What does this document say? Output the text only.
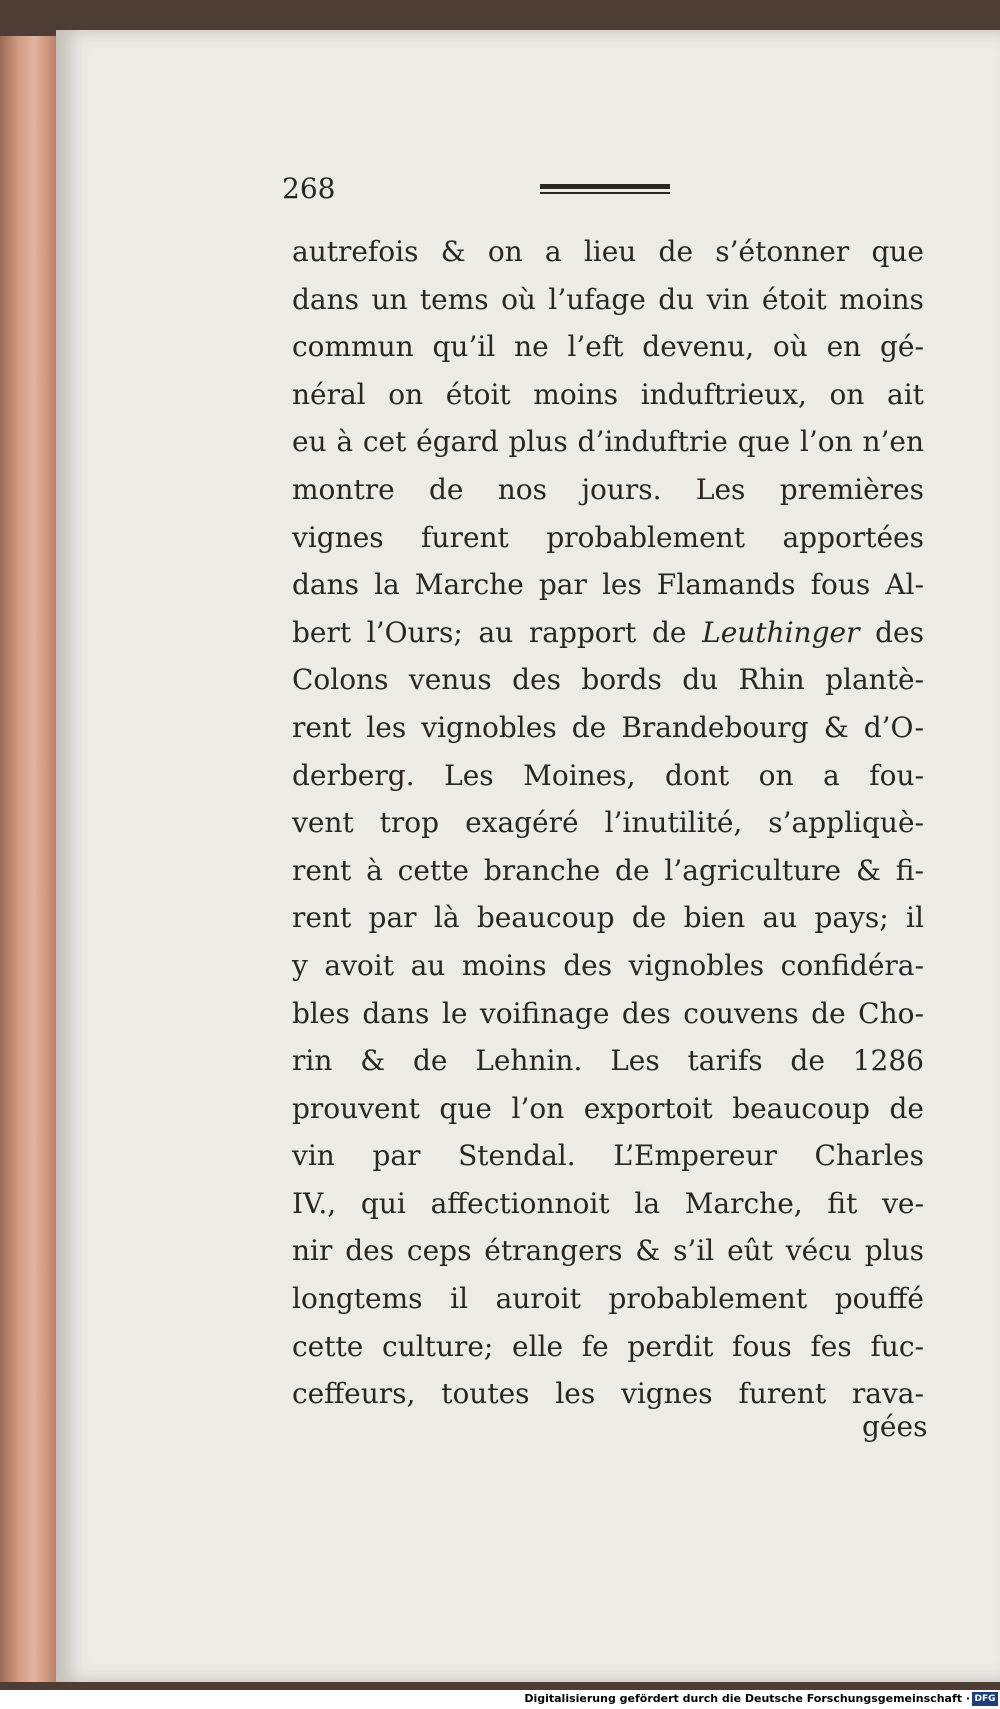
268
autrefois & on a lieu de s’étonner que
dans un tems où l’ufage du vin étoit moins
commun qu’il ne l’eft devenu, où en gé-
néral on étoit moins induftrieux, on ait
eu à cet égard plus d’induftrie que l’on n’en
montre de nos jours. Les premières
vignes furent probablement apportées
dans la Marche par les Flamands fous Al-
bert l’Ours; au rapport de Leuthinger des
Colons venus des bords du Rhin plantè-
rent les vignobles de Brandebourg & d’O-
derberg. Les Moines, dont on a fou-
vent trop exagéré l’inutilité, s’appliquè-
rent à cette branche de l’agriculture & fi-
rent par là beaucoup de bien au pays; il
y avoit au moins des vignobles confidéra-
bles dans le voifinage des couvens de Cho-
rin & de Lehnin. Les tarifs de 1286
prouvent que l’on exportoit beaucoup de
vin par Stendal. L’Empereur Charles
IV., qui affectionnoit la Marche, fit ve-
nir des ceps étrangers & s’il eût vécu plus
longtems il auroit probablement pouffé
cette culture; elle fe perdit fous fes fuc-
ceffeurs, toutes les vignes furent rava-
gées
Digitalisierung gefördert durch die Deutsche Forschungsgemeinschaft · DFG
